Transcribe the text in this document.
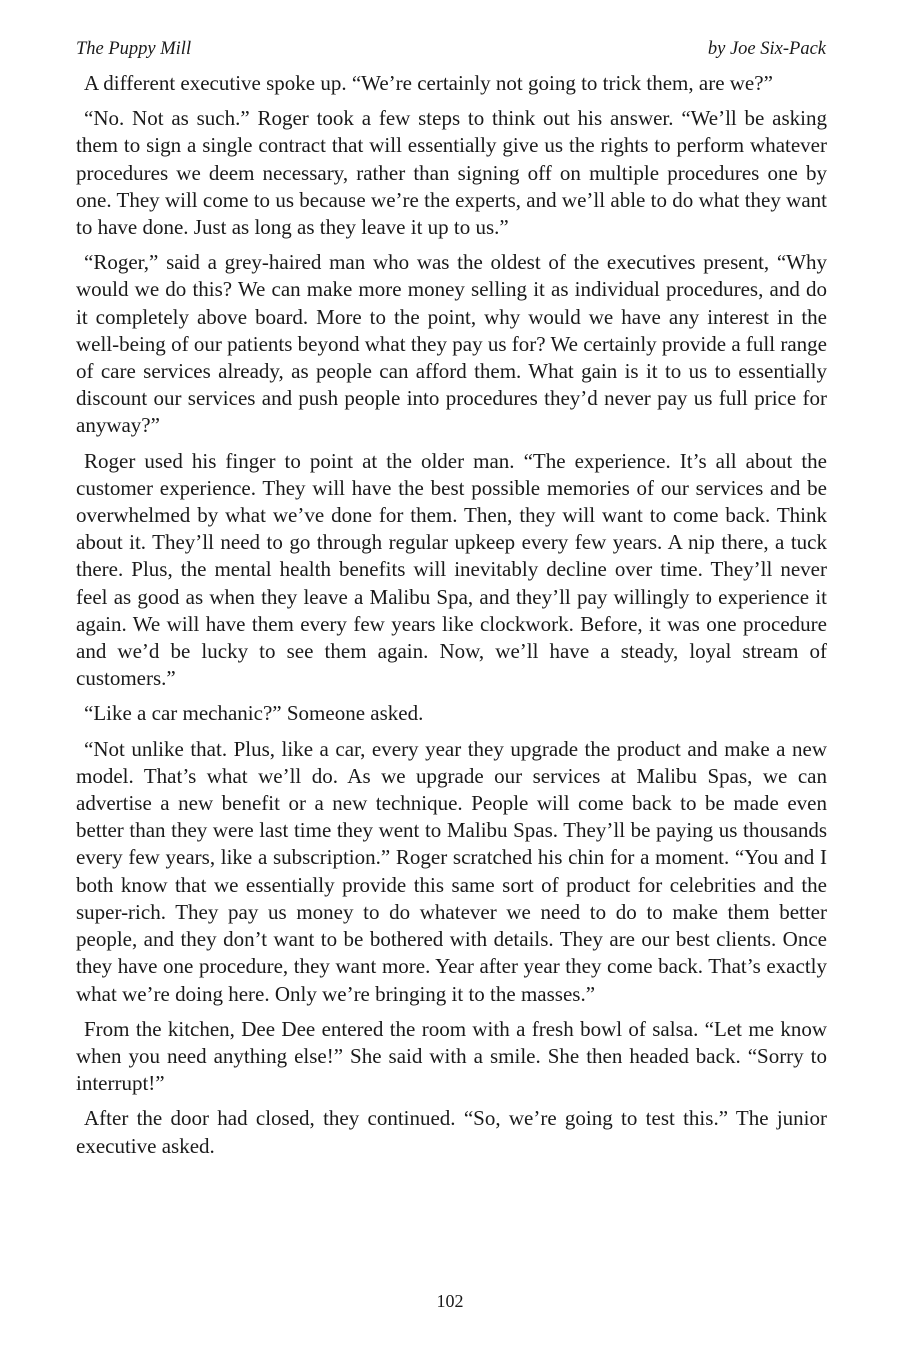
The Puppy Mill	by Joe Six-Pack

A different executive spoke up. “We’re certainly not going to trick them, are we?”

“No. Not as such.” Roger took a few steps to think out his answer. “We’ll be asking them to sign a single contract that will essentially give us the rights to perform whatever procedures we deem necessary, rather than signing off on multiple procedures one by one. They will come to us because we’re the experts, and we’ll able to do what they want to have done. Just as long as they leave it up to us.”

“Roger,” said a grey-haired man who was the oldest of the executives present, “Why would we do this? We can make more money selling it as individual procedures, and do it completely above board. More to the point, why would we have any interest in the well-being of our patients beyond what they pay us for? We certainly provide a full range of care services already, as people can afford them. What gain is it to us to essentially discount our services and push people into procedures they’d never pay us full price for anyway?”

Roger used his finger to point at the older man. “The experience. It’s all about the customer experience. They will have the best possible memories of our services and be overwhelmed by what we’ve done for them. Then, they will want to come back. Think about it. They’ll need to go through regular upkeep every few years. A nip there, a tuck there. Plus, the mental health benefits will inevitably decline over time. They’ll never feel as good as when they leave a Malibu Spa, and they’ll pay willingly to experience it again. We will have them every few years like clockwork. Before, it was one procedure and we’d be lucky to see them again. Now, we’ll have a steady, loyal stream of customers.”

“Like a car mechanic?” Someone asked.

“Not unlike that. Plus, like a car, every year they upgrade the product and make a new model. That’s what we’ll do. As we upgrade our services at Malibu Spas, we can advertise a new benefit or a new technique. People will come back to be made even better than they were last time they went to Malibu Spas. They’ll be paying us thousands every few years, like a subscription.” Roger scratched his chin for a moment. “You and I both know that we essentially provide this same sort of product for celebrities and the super-rich. They pay us money to do whatever we need to do to make them better people, and they don’t want to be bothered with details. They are our best clients. Once they have one procedure, they want more. Year after year they come back. That’s exactly what we’re doing here. Only we’re bringing it to the masses.”

From the kitchen, Dee Dee entered the room with a fresh bowl of salsa. “Let me know when you need anything else!” She said with a smile. She then headed back. “Sorry to interrupt!”

After the door had closed, they continued. “So, we’re going to test this.” The junior executive asked.

102
